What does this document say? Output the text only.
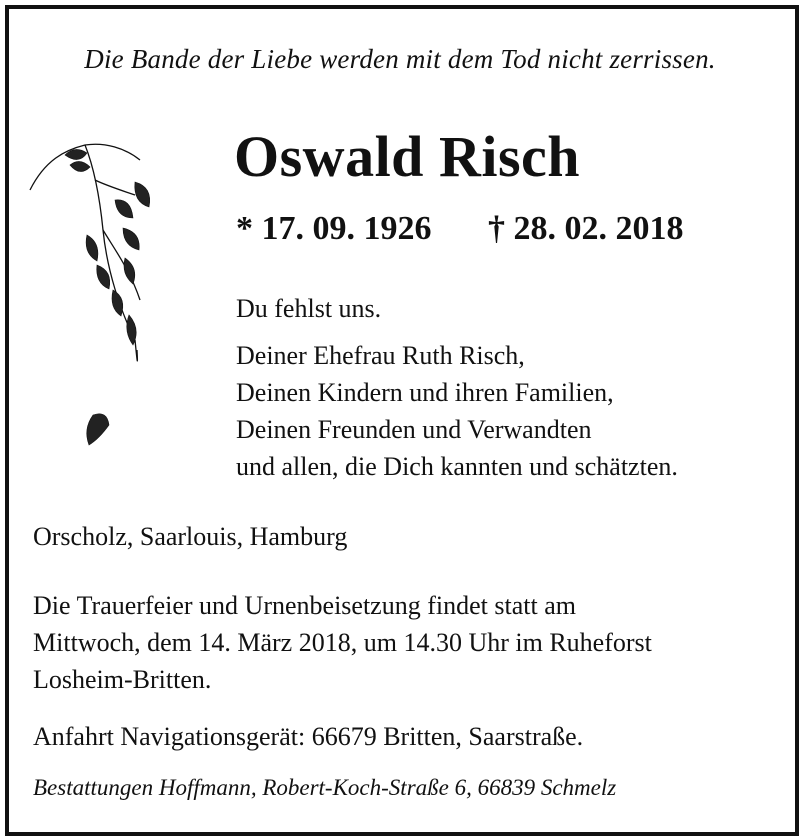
Die Bande der Liebe werden mit dem Tod nicht zerrissen.
Oswald Risch
* 17. 09. 1926 † 28. 02. 2018
Du fehlst uns.
Deiner Ehefrau Ruth Risch,
Deinen Kindern und ihren Familien,
Deinen Freunden und Verwandten
und allen, die Dich kannten und schätzten.
Orscholz, Saarlouis, Hamburg
Die Trauerfeier und Urnenbeisetzung findet statt am
Mittwoch, dem 14. März 2018, um 14.30 Uhr im Ruheforst
Losheim-Britten.
Anfahrt Navigationsgerät: 66679 Britten, Saarstraße.
Bestattungen Hoffmann, Robert-Koch-Straße 6, 66839 Schmelz
